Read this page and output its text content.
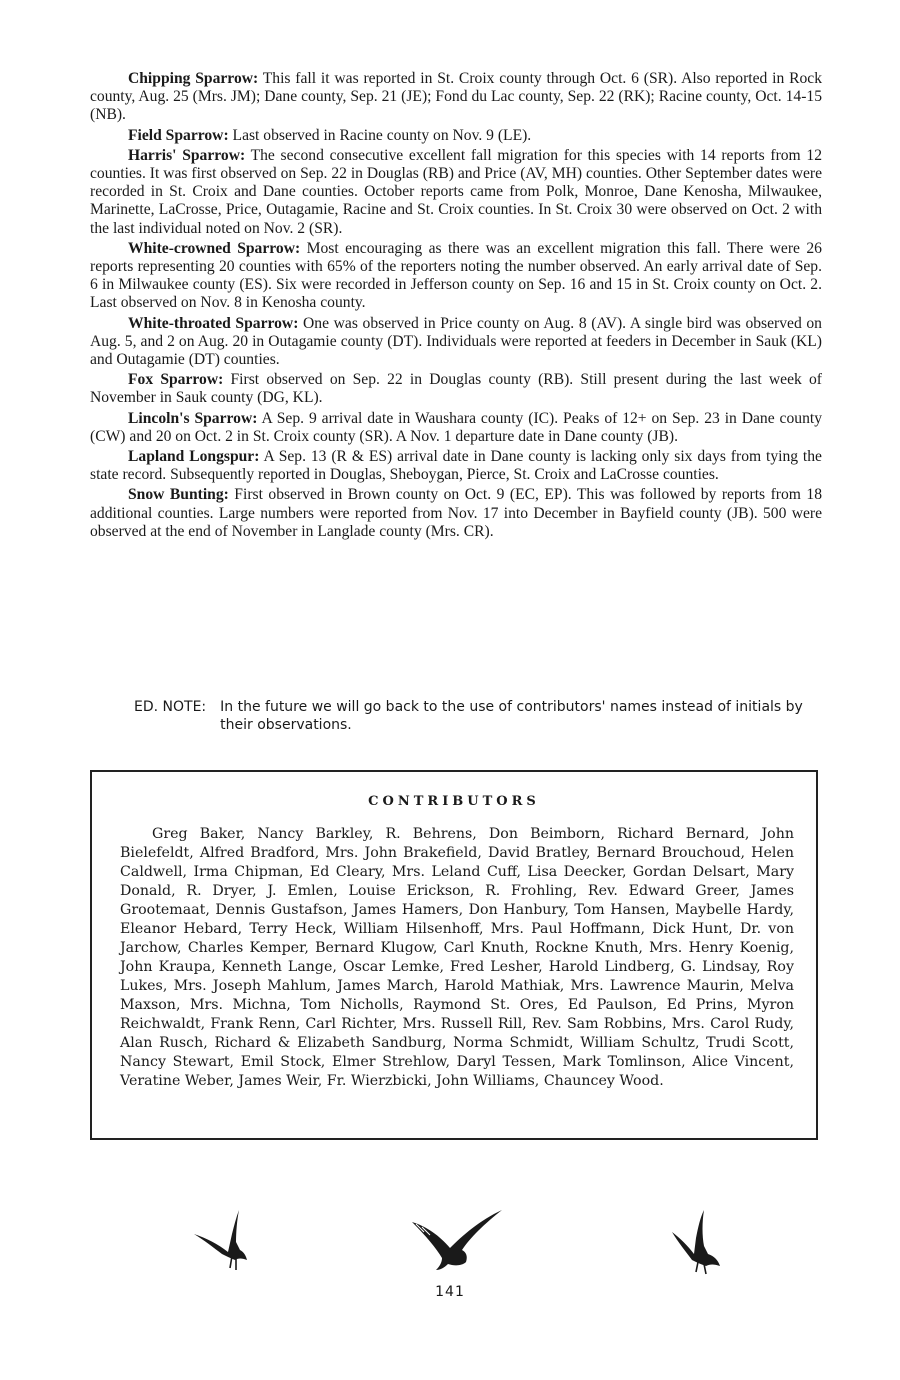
Chipping Sparrow: This fall it was reported in St. Croix county through Oct. 6 (SR). Also reported in Rock county, Aug. 25 (Mrs. JM); Dane county, Sep. 21 (JE); Fond du Lac county, Sep. 22 (RK); Racine county, Oct. 14-15 (NB).

Field Sparrow: Last observed in Racine county on Nov. 9 (LE).

Harris' Sparrow: The second consecutive excellent fall migration for this species with 14 reports from 12 counties. It was first observed on Sep. 22 in Douglas (RB) and Price (AV, MH) counties. Other September dates were recorded in St. Croix and Dane counties. October reports came from Polk, Monroe, Dane Kenosha, Milwaukee, Marinette, LaCrosse, Price, Outagamie, Racine and St. Croix counties. In St. Croix 30 were observed on Oct. 2 with the last individual noted on Nov. 2 (SR).

White-crowned Sparrow: Most encouraging as there was an excellent migration this fall. There were 26 reports representing 20 counties with 65% of the reporters noting the number observed. An early arrival date of Sep. 6 in Milwaukee county (ES). Six were recorded in Jefferson county on Sep. 16 and 15 in St. Croix county on Oct. 2. Last observed on Nov. 8 in Kenosha county.

White-throated Sparrow: One was observed in Price county on Aug. 8 (AV). A single bird was observed on Aug. 5, and 2 on Aug. 20 in Outagamie county (DT). Individuals were reported at feeders in December in Sauk (KL) and Outagamie (DT) counties.

Fox Sparrow: First observed on Sep. 22 in Douglas county (RB). Still present during the last week of November in Sauk county (DG, KL).

Lincoln's Sparrow: A Sep. 9 arrival date in Waushara county (IC). Peaks of 12+ on Sep. 23 in Dane county (CW) and 20 on Oct. 2 in St. Croix county (SR). A Nov. 1 departure date in Dane county (JB).

Lapland Longspur: A Sep. 13 (R & ES) arrival date in Dane county is lacking only six days from tying the state record. Subsequently reported in Douglas, Sheboygan, Pierce, St. Croix and LaCrosse counties.

Snow Bunting: First observed in Brown county on Oct. 9 (EC, EP). This was followed by reports from 18 additional counties. Large numbers were reported from Nov. 17 into December in Bayfield county (JB). 500 were observed at the end of November in Langlade county (Mrs. CR).

ED. NOTE: In the future we will go back to the use of contributors' names instead of initials by their observations.
CONTRIBUTORS
Greg Baker, Nancy Barkley, R. Behrens, Don Beimborn, Richard Bernard, John Bielefeldt, Alfred Bradford, Mrs. John Brakefield, David Bratley, Bernard Brouchoud, Helen Caldwell, Irma Chipman, Ed Cleary, Mrs. Leland Cuff, Lisa Deecker, Gordan Delsart, Mary Donald, R. Dryer, J. Emlen, Louise Erickson, R. Frohling, Rev. Edward Greer, James Grootemaat, Dennis Gustafson, James Hamers, Don Hanbury, Tom Hansen, Maybelle Hardy, Eleanor Hebard, Terry Heck, William Hilsenhoff, Mrs. Paul Hoffmann, Dick Hunt, Dr. von Jarchow, Charles Kemper, Bernard Klugow, Carl Knuth, Rockne Knuth, Mrs. Henry Koenig, John Kraupa, Kenneth Lange, Oscar Lemke, Fred Lesher, Harold Lindberg, G. Lindsay, Roy Lukes, Mrs. Joseph Mahlum, James March, Harold Mathiak, Mrs. Lawrence Maurin, Melva Maxson, Mrs. Michna, Tom Nicholls, Raymond St. Ores, Ed Paulson, Ed Prins, Myron Reichwaldt, Frank Renn, Carl Richter, Mrs. Russell Rill, Rev. Sam Robbins, Mrs. Carol Rudy, Alan Rusch, Richard & Elizabeth Sandburg, Norma Schmidt, William Schultz, Trudi Scott, Nancy Stewart, Emil Stock, Elmer Strehlow, Daryl Tessen, Mark Tomlinson, Alice Vincent, Veratine Weber, James Weir, Fr. Wierzbicki, John Williams, Chauncey Wood.
141
